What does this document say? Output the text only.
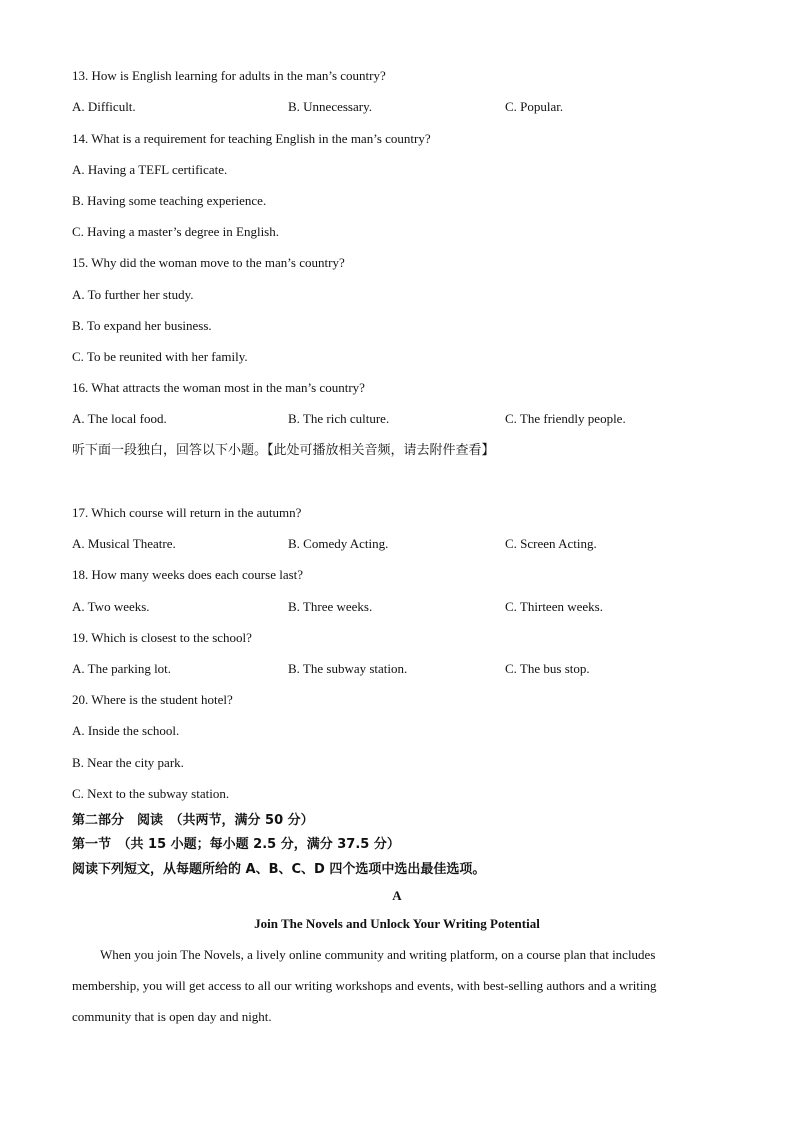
13. How is English learning for adults in the man’s country?
A. Difficult.	B. Unnecessary.	C. Popular.
14. What is a requirement for teaching English in the man’s country?
A. Having a TEFL certificate.
B. Having some teaching experience.
C. Having a master’s degree in English.
15. Why did the woman move to the man’s country?
A. To further her study.
B. To expand her business.
C. To be reunited with her family.
16. What attracts the woman most in the man’s country?
A. The local food.	B. The rich culture.	C. The friendly people.
听下面一段独白，回答以下小题。【此处可播放相关音频，请去附件查看】
17. Which course will return in the autumn?
A. Musical Theatre.	B. Comedy Acting.	C. Screen Acting.
18. How many weeks does each course last?
A. Two weeks.	B. Three weeks.	C. Thirteen weeks.
19. Which is closest to the school?
A. The parking lot.	B. The subway station.	C. The bus stop.
20. Where is the student hotel?
A. Inside the school.
B. Near the city park.
C. Next to the subway station.
第二部分　阅读　（共两节，满分 50 分）
第一节　（共 15 小题；每小题 2.5 分，满分 37.5 分）
阅读下列短文，从每题所给的 A、B、C、D 四个选项中选出最佳选项。
A
Join The Novels and Unlock Your Writing Potential
When you join The Novels, a lively online community and writing platform, on a course plan that includes
membership, you will get access to all our writing workshops and events, with best-selling authors and a writing
community that is open day and night.
